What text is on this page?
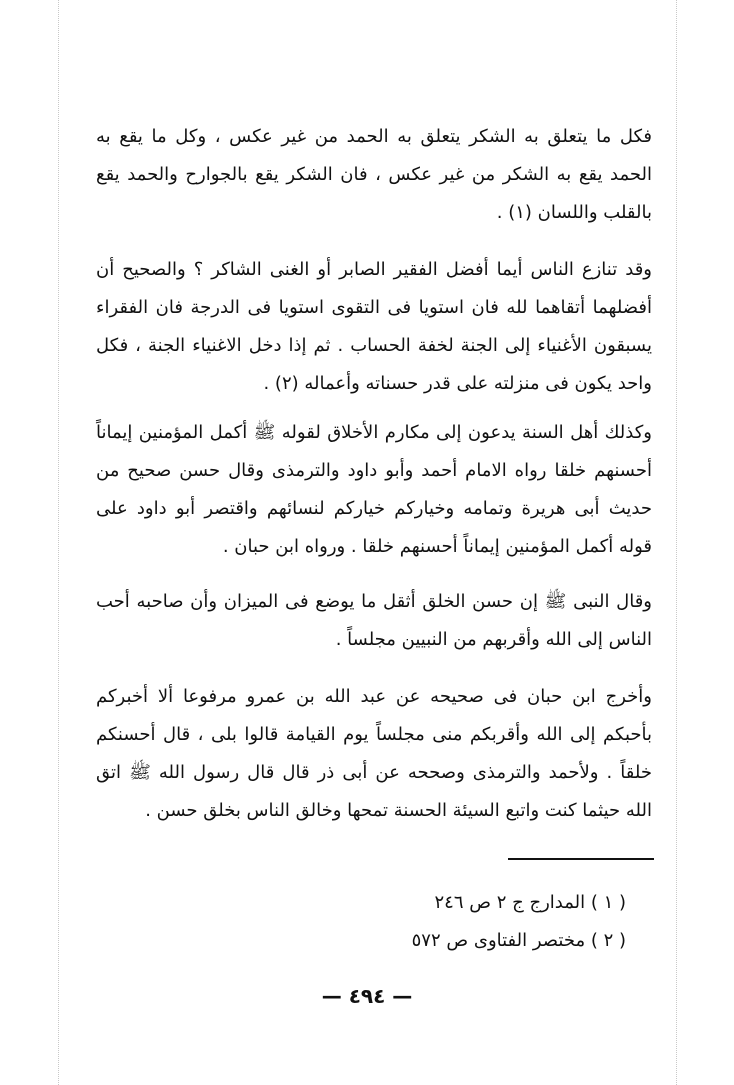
فكل ما يتعلق به الشكر يتعلق به الحمد من غير عكس ، وكل ما يقع به الحمد يقع به الشكر من غير عكس ، فان الشكر يقع بالجوارح والحمد يقع بالقلب واللسان (١) .
وقد تنازع الناس أيما أفضل الفقير الصابر أو الغنى الشاكر ؟ والصحيح أن أفضلهما أتقاهما لله فان استويا فى التقوى استويا فى الدرجة فان الفقراء يسبقون الأغنياء إلى الجنة لخفة الحساب . ثم إذا دخل الاغنياء الجنة ، فكل واحد يكون فى منزلته على قدر حسناته وأعماله (٢) .
وكذلك أهل السنة يدعون إلى مكارم الأخلاق لقوله ﷺ أكمل المؤمنين إيماناً أحسنهم خلقا رواه الامام أحمد وأبو داود والترمذى وقال حسن صحيح من حديث أبى هريرة وتمامه وخياركم خياركم لنسائهم واقتصر أبو داود على قوله أكمل المؤمنين إيماناً أحسنهم خلقا . ورواه ابن حبان .
وقال النبى ﷺ إن حسن الخلق أثقل ما يوضع فى الميزان وأن صاحبه أحب الناس إلى الله وأقربهم من النبيين مجلساً .
وأخرج ابن حبان فى صحيحه عن عبد الله بن عمرو مرفوعا ألا أخبركم بأحبكم إلى الله وأقربكم منى مجلساً يوم القيامة قالوا بلى ، قال أحسنكم خلقاً . ولأحمد والترمذى وصححه عن أبى ذر قال قال رسول الله ﷺ اتق الله حيثما كنت واتبع السيئة الحسنة تمحها وخالق الناس بخلق حسن .
( ١ ) المدارج ج ٢ ص ٢٤٦
( ٢ ) مختصر الفتاوى ص ٥٧٢
— ٤٩٤ —
